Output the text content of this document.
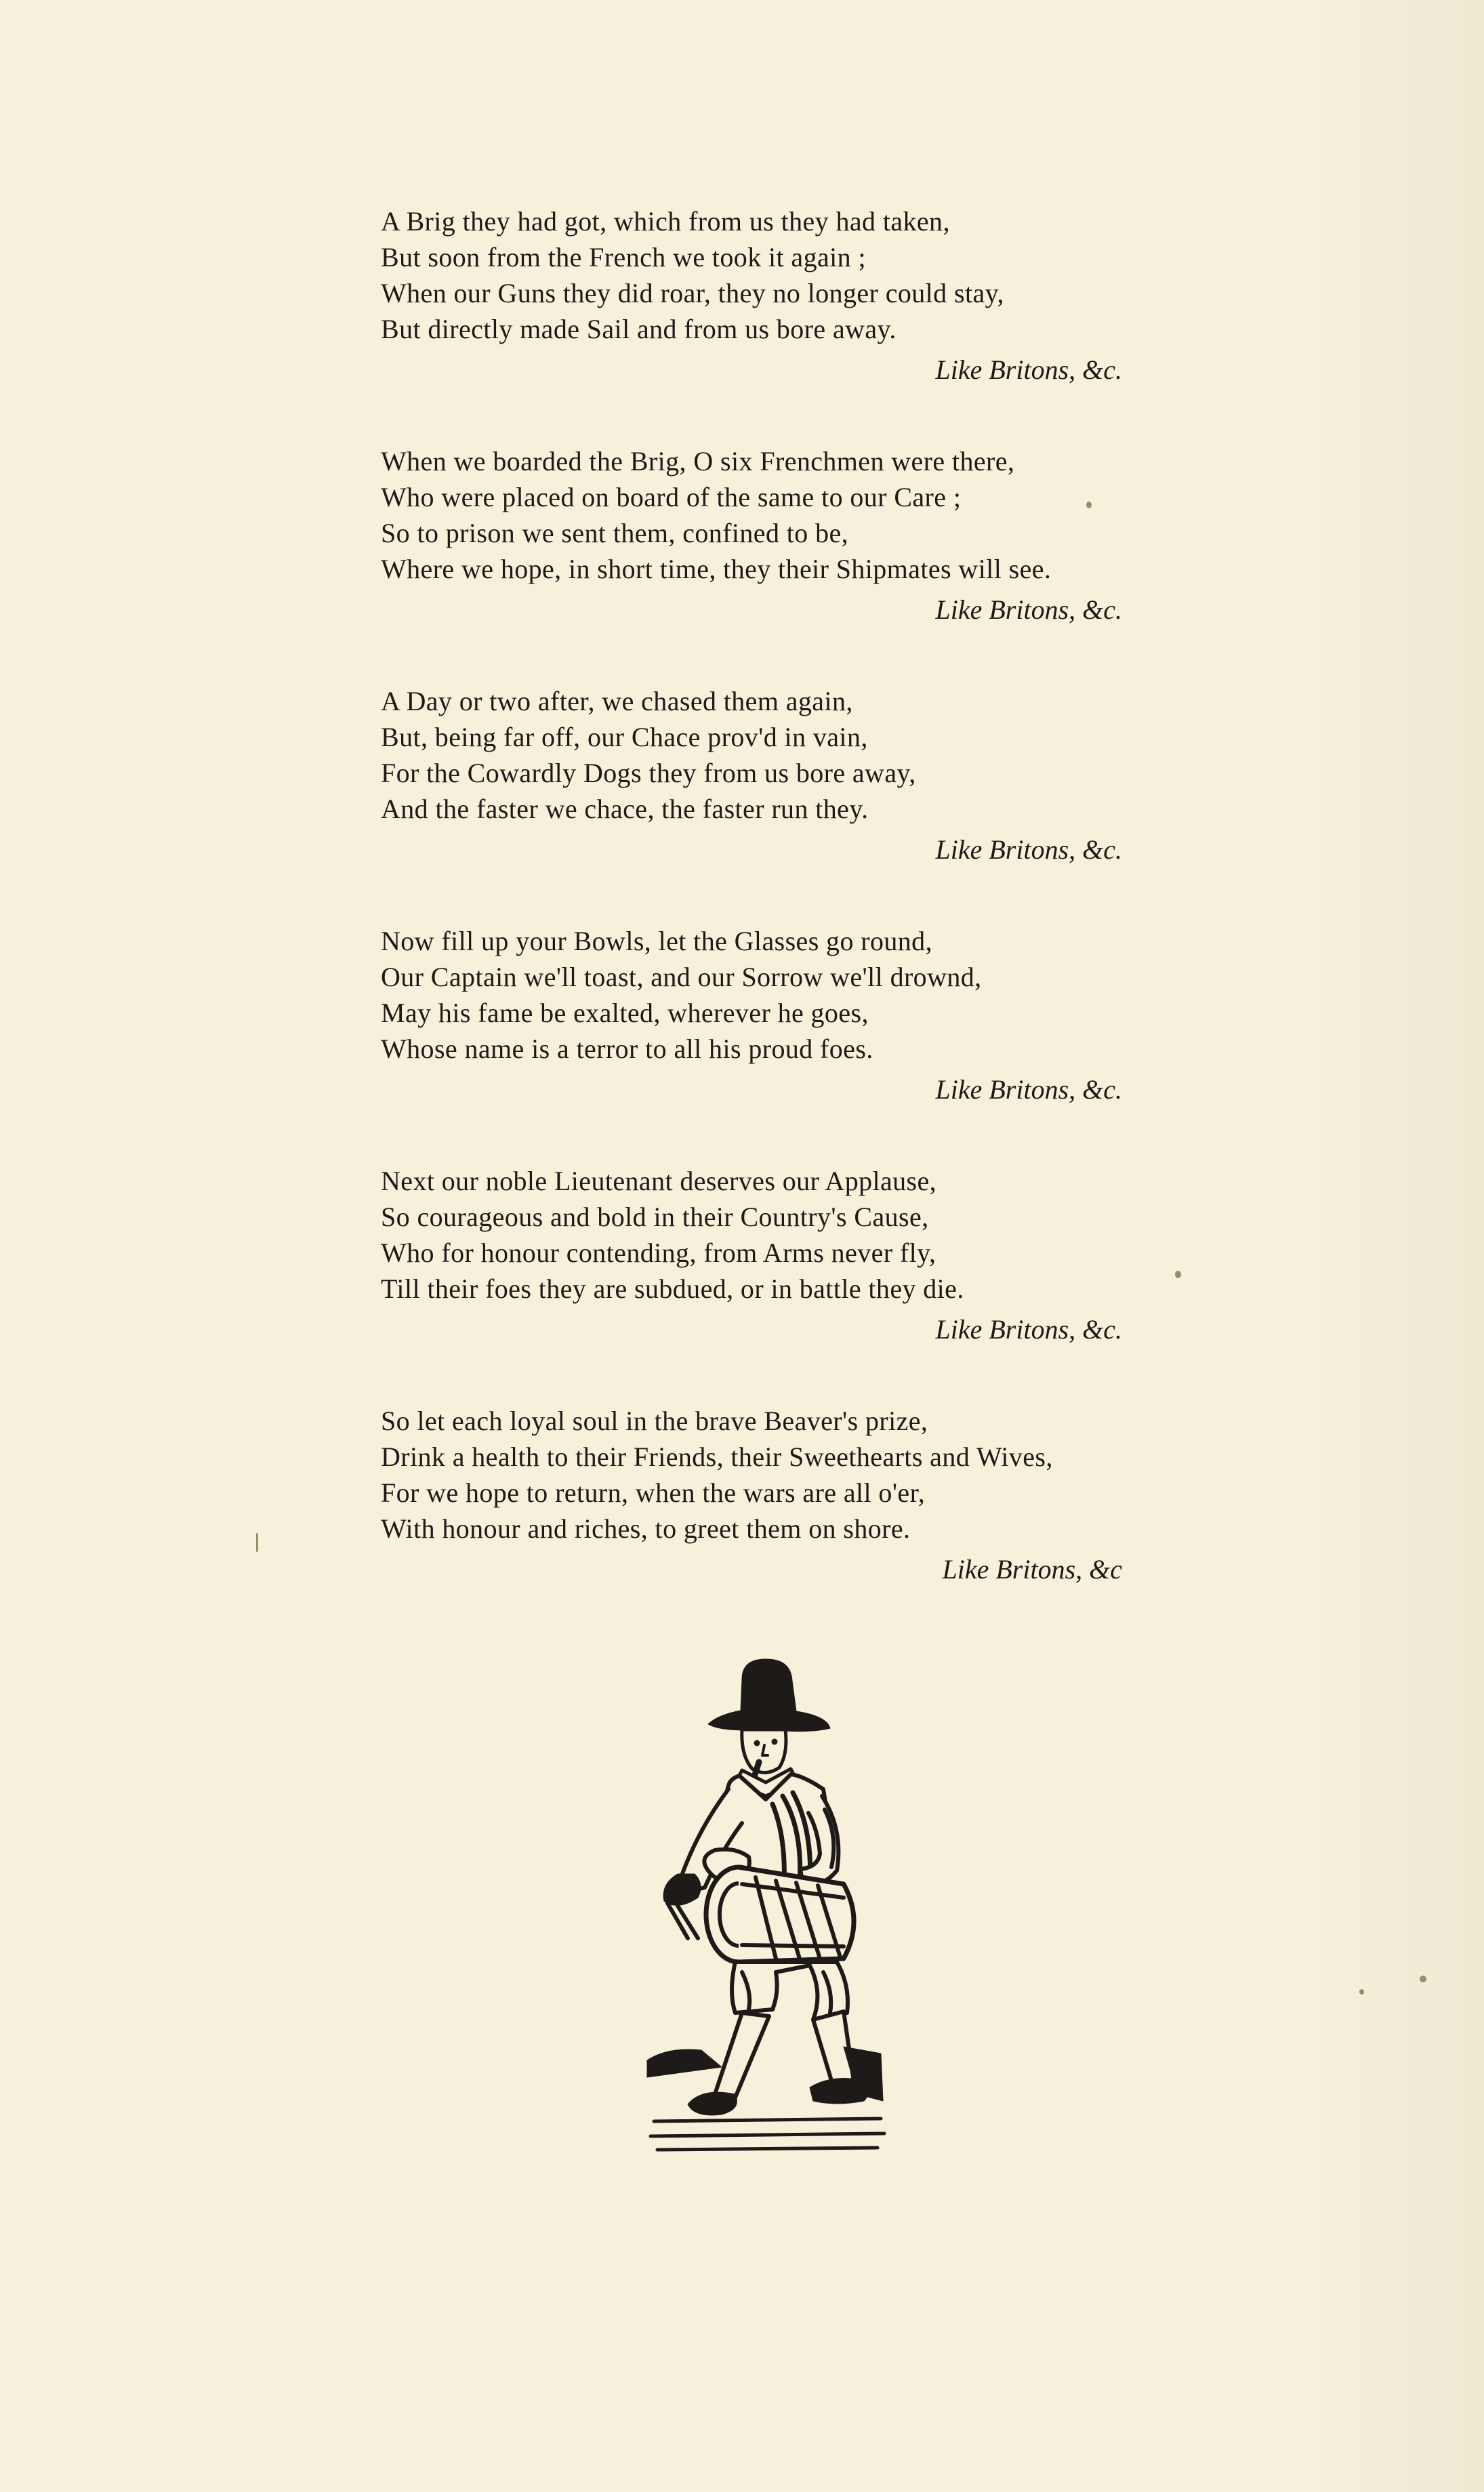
A Brig they had got, which from us they had taken,
But soon from the French we took it again ;
When our Guns they did roar, they no longer could stay,
But directly made Sail and from us bore away.
Like Britons, &c.
When we boarded the Brig, O six Frenchmen were there,
Who were placed on board of the same to our Care ;
So to prison we sent them, confined to be,
Where we hope, in short time, they their Shipmates will see.
Like Britons, &c.
A Day or two after, we chased them again,
But, being far off, our Chace prov'd in vain,
For the Cowardly Dogs they from us bore away,
And the faster we chace, the faster run they.
Like Britons, &c.
Now fill up your Bowls, let the Glasses go round,
Our Captain we'll toast, and our Sorrow we'll drownd,
May his fame be exalted, wherever he goes,
Whose name is a terror to all his proud foes.
Like Britons, &c.
Next our noble Lieutenant deserves our Applause,
So courageous and bold in their Country's Cause,
Who for honour contending, from Arms never fly,
Till their foes they are subdued, or in battle they die.
Like Britons, &c.
So let each loyal soul in the brave Beaver's prize,
Drink a health to their Friends, their Sweethearts and Wives,
For we hope to return, when the wars are all o'er,
With honour and riches, to greet them on shore.
Like Britons, &c
